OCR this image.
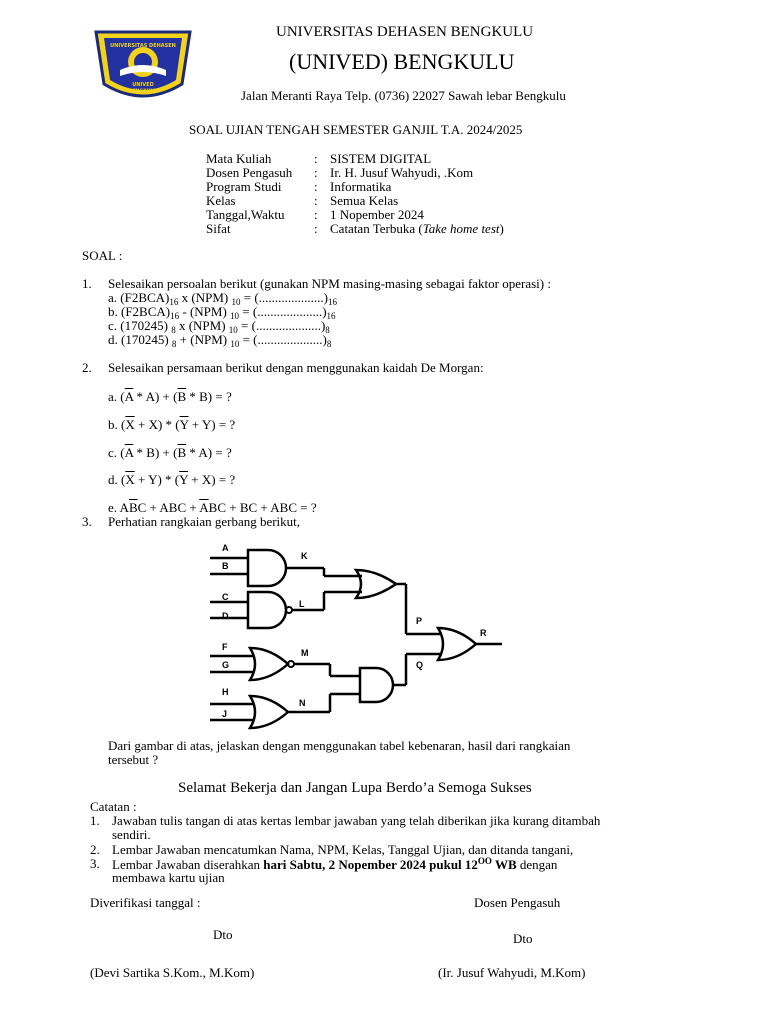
UNIVERSITAS DEHASEN
UNIVED
BENGKULU
UNIVERSITAS DEHASEN BENGKULU
(UNIVED) BENGKULU
Jalan Meranti Raya Telp. (0736) 22027 Sawah lebar Bengkulu
SOAL UJIAN TENGAH SEMESTER GANJIL T.A. 2024/2025
Mata Kuliah	: SISTEM DIGITAL
Dosen Pengasuh : Ir. H. Jusuf Wahyudi, .Kom
Program Studi	: Informatika
Kelas	: Semua Kelas
Tanggal,Waktu : 1 Nopember 2024
Sifat	: Catatan Terbuka (Take home test)
SOAL :
1. Selesaikan persoalan berikut (gunakan NPM masing-masing sebagai faktor operasi) :
a. $(F2BCA)_{16}$ x (NPM) $_{10} = (....................)_{16}$
b. $(F2BCA)_{16} - (NPM) _{10} = (....................)_{16}$
c. (170245) $_8$ x (NPM) $_{10} = (....................)_8$
d. (170245) $_8$ + (NPM) $_{10} = (....................)_8$
2. Selesaikan persamaan berikut dengan menggunakan kaidah De Morgan:
a. $(\overline{A} * A) + (\overline{B} * B)$ = ?
b. $(\overline{X} + X) * (\overline{Y} + Y)$ = ?
c. $(\overline{A} * B) + (\overline{B} * A)$ = ?
d. $(\overline{X} + Y) * (\overline{Y} + X)$ = ?
e. $A\overline{B}C$ + ABC + $\overline{A}BC$ + BC + ABC = ?
3. Perhatian rangkaian gerbang berikut,
A
B
C
D
F
G
H
J
K
L
M
N
P
Q
R
Dari gambar di atas, jelaskan dengan menggunakan tabel kebenaran, hasil dari rangkaian
tersebut ?
Selamat Bekerja dan Jangan Lupa Berdo’a Semoga Sukses
Catatan :
1. Jawaban tulis tangan di atas kertas lembar jawaban yang telah diberikan jika kurang ditambah
sendiri.
2. Lembar Jawaban mencatumkan Nama, NPM, Kelas, Tanggal Ujian, dan ditanda tangani,
3. Lembar Jawaban diserahkan hari Sabtu, 2 Nopember 2024 pukul $12^{OO}$ WB dengan
membawa kartu ujian
Diverifikasi tanggal :	Dosen Pengasuh
Dto	Dto
(Devi Sartika S.Kom., M.Kom)	(Ir. Jusuf Wahyudi, M.Kom)
